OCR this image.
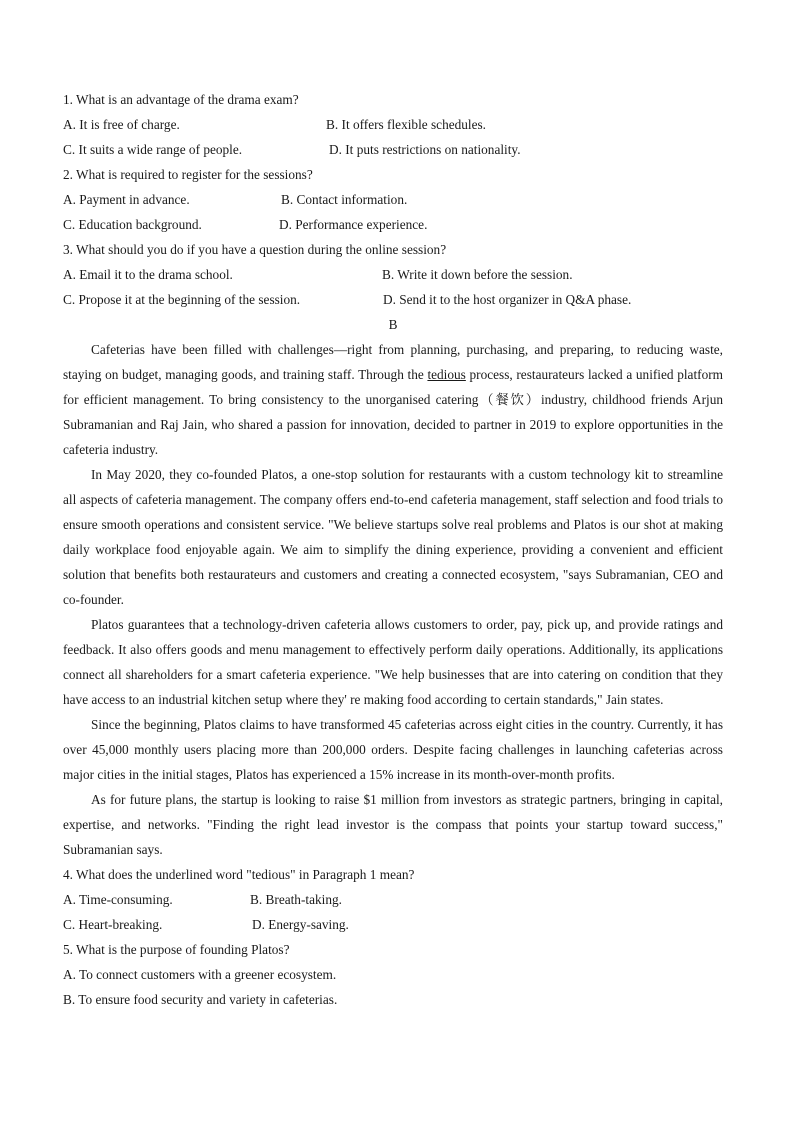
1. What is an advantage of the drama exam?
A. It is free of charge.	B. It offers flexible schedules.
C. It suits a wide range of people.	D. It puts restrictions on nationality.
2. What is required to register for the sessions?
A. Payment in advance.	B. Contact information.
C. Education background.	D. Performance experience.
3. What should you do if you have a question during the online session?
A. Email it to the drama school.	B. Write it down before the session.
C. Propose it at the beginning of the session.	D. Send it to the host organizer in Q&A phase.
B

Cafeterias have been filled with challenges—right from planning, purchasing, and preparing, to reducing waste, staying on budget, managing goods, and training staff. Through the tedious process, restaurateurs lacked a unified platform for efficient management. To bring consistency to the unorganised catering（餐饮）industry, childhood friends Arjun Subramanian and Raj Jain, who shared a passion for innovation, decided to partner in 2019 to explore opportunities in the cafeteria industry.

In May 2020, they co-founded Platos, a one-stop solution for restaurants with a custom technology kit to streamline all aspects of cafeteria management. The company offers end-to-end cafeteria management, staff selection and food trials to ensure smooth operations and consistent service. "We believe startups solve real problems and Platos is our shot at making daily workplace food enjoyable again. We aim to simplify the dining experience, providing a convenient and efficient solution that benefits both restaurateurs and customers and creating a connected ecosystem, "says Subramanian, CEO and co-founder.

Platos guarantees that a technology-driven cafeteria allows customers to order, pay, pick up, and provide ratings and feedback. It also offers goods and menu management to effectively perform daily operations. Additionally, its applications connect all shareholders for a smart cafeteria experience. "We help businesses that are into catering on condition that they have access to an industrial kitchen setup where they' re making food according to certain standards," Jain states.

Since the beginning, Platos claims to have transformed 45 cafeterias across eight cities in the country. Currently, it has over 45,000 monthly users placing more than 200,000 orders. Despite facing challenges in launching cafeterias across major cities in the initial stages, Platos has experienced a 15% increase in its month-over-month profits.

As for future plans, the startup is looking to raise $1 million from investors as strategic partners, bringing in capital, expertise, and networks. "Finding the right lead investor is the compass that points your startup toward success," Subramanian says.

4. What does the underlined word "tedious" in Paragraph 1 mean?
A. Time-consuming.	B. Breath-taking.
C. Heart-breaking.	D. Energy-saving.
5. What is the purpose of founding Platos?
A. To connect customers with a greener ecosystem.
B. To ensure food security and variety in cafeterias.
